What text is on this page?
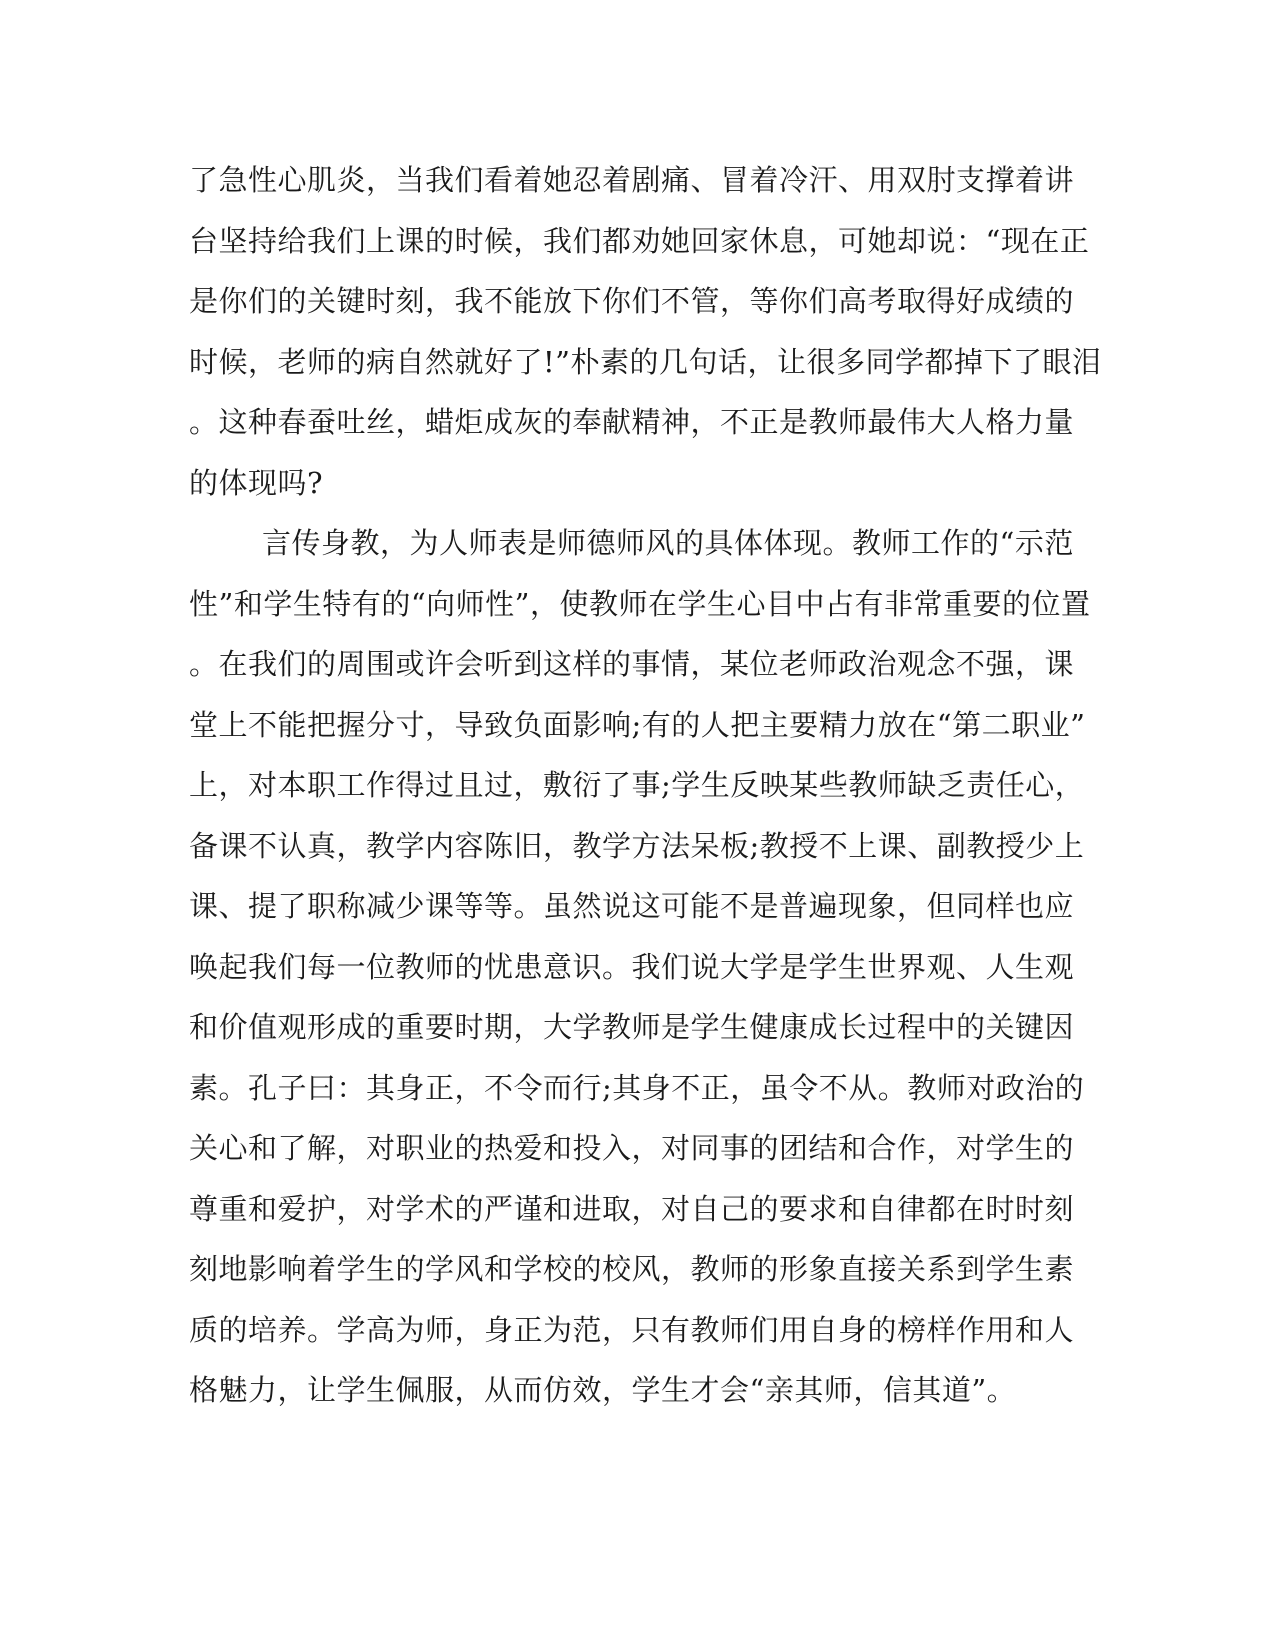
了急性心肌炎，当我们看着她忍着剧痛、冒着冷汗、用双肘支撑着讲
台坚持给我们上课的时候，我们都劝她回家休息，可她却说：“现在正
是你们的关键时刻，我不能放下你们不管，等你们高考取得好成绩的
时候，老师的病自然就好了!”朴素的几句话，让很多同学都掉下了眼泪
。这种春蚕吐丝，蜡炬成灰的奉献精神，不正是教师最伟大人格力量
的体现吗?
言传身教，为人师表是师德师风的具体体现。教师工作的“示范
性”和学生特有的“向师性”，使教师在学生心目中占有非常重要的位置
。在我们的周围或许会听到这样的事情，某位老师政治观念不强，课
堂上不能把握分寸，导致负面影响;有的人把主要精力放在“第二职业”
上，对本职工作得过且过，敷衍了事;学生反映某些教师缺乏责任心，
备课不认真，教学内容陈旧，教学方法呆板;教授不上课、副教授少上
课、提了职称减少课等等。虽然说这可能不是普遍现象，但同样也应
唤起我们每一位教师的忧患意识。我们说大学是学生世界观、人生观
和价值观形成的重要时期，大学教师是学生健康成长过程中的关键因
素。孔子曰：其身正，不令而行;其身不正，虽令不从。教师对政治的
关心和了解，对职业的热爱和投入，对同事的团结和合作，对学生的
尊重和爱护，对学术的严谨和进取，对自己的要求和自律都在时时刻
刻地影响着学生的学风和学校的校风，教师的形象直接关系到学生素
质的培养。学高为师，身正为范，只有教师们用自身的榜样作用和人
格魅力，让学生佩服，从而仿效，学生才会“亲其师，信其道”。
